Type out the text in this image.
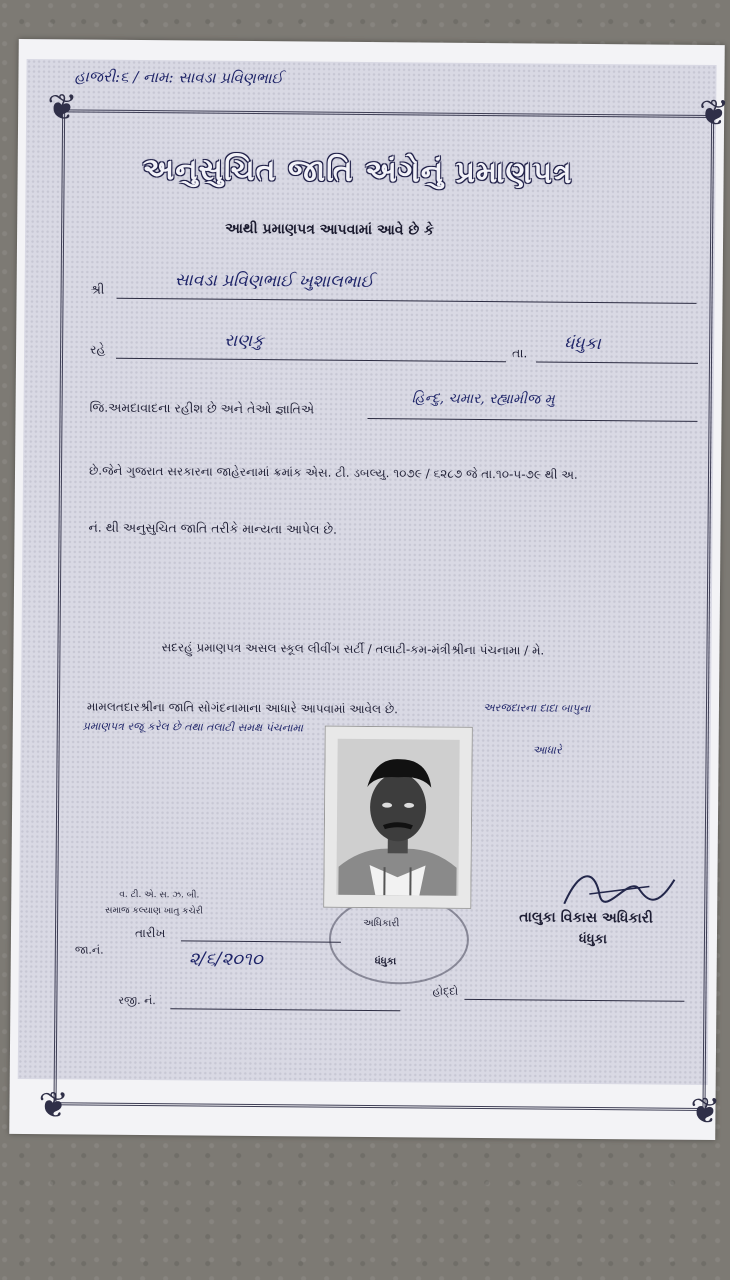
હાજરી:૬ / નામ: સાવડા પ્રવિણભાઈ
❦	❦
❦	❦
અનુસુચિત જાતિ અંગેનું પ્રમાણપત્ર
આથી પ્રમાણપત્ર આપવામાં આવે છે કે
શ્રી	સાવડા પ્રવિણભાઈ ખુશાલભાઈ
રહે	રાણકુ
તા. ધંધુકા
જિ.અમદાવાદના રહીશ છે અને તેઓ જ્ઞાતિએ
હિન્દુ, ચમાર, રહ્યામીજ મુ
છે.જેને ગુજરાત સરકારના જાહેરનામાં ક્રમાંક એસ. ટી. ડબલ્યુ. ૧૦૭૯ / ૬૨૮૭ જે તા.૧૦-૫-૭૯ થી અ.
નં. થી અનુસુચિત જાતિ તરીકે માન્યતા આપેલ છે.
સદરહું પ્રમાણપત્ર અસલ સ્કૂલ લીવીંગ સર્ટી / તલાટી-કમ-મંત્રીશ્રીના પંચનામા / મે.
મામલતદારશ્રીના જાતિ સોગંદનામાના આધારે આપવામાં આવેલ છે.	અરજદારના દાદા બાપુના
પ્રમાણપત્ર રજૂ કરેલ છે તથા તલાટી સમક્ષ પંચનામા
આધારે
વ. ટી. એ. સ. ઝ. બી.
સમાજ કલ્યાણ ખાતુ કચેરી
જા.નં.
તારીખ
૨/૬/૨૦૧૦
રજી. નં.
હોદ્દો
તાલુકા વિકાસ અધિકારી
ધંધુકા
અધિકારી
ધંધુકા
